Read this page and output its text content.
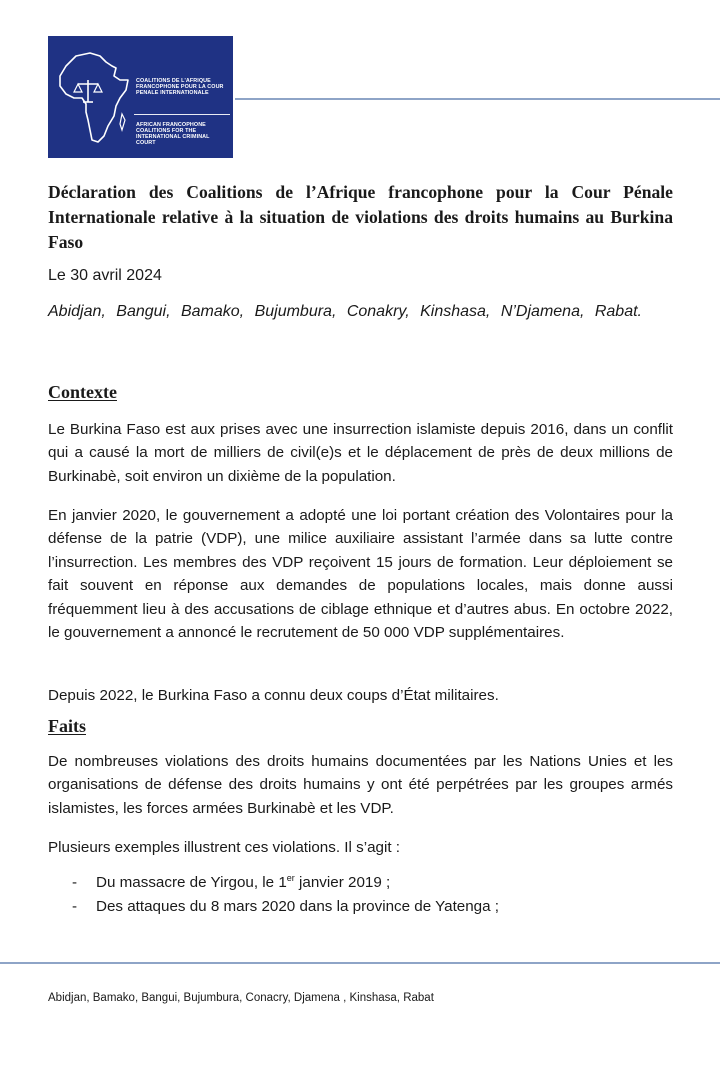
COALITIONS DE L'AFRIQUE FRANCOPHONE POUR LA COUR PENALE INTERNATIONALE
AFRICAN FRANCOPHONE COALITIONS FOR THE INTERNATIONAL CRIMINAL COURT
Déclaration des Coalitions de l’Afrique francophone pour la Cour Pénale Internationale relative à la situation de violations des droits humains au Burkina Faso

Le 30 avril 2024

Abidjan, Bangui, Bamako, Bujumbura, Conakry, Kinshasa, N’Djamena, Rabat.

Contexte

Le Burkina Faso est aux prises avec une insurrection islamiste depuis 2016, dans un conflit qui a causé la mort de milliers de civil(e)s et le déplacement de près de deux millions de Burkinabè, soit environ un dixième de la population.

En janvier 2020, le gouvernement a adopté une loi portant création des Volontaires pour la défense de la patrie (VDP), une milice auxiliaire assistant l’armée dans sa lutte contre l’insurrection. Les membres des VDP reçoivent 15 jours de formation. Leur déploiement se fait souvent en réponse aux demandes de populations locales, mais donne aussi fréquemment lieu à des accusations de ciblage ethnique et d’autres abus. En octobre 2022, le gouvernement a annoncé le recrutement de 50 000 VDP supplémentaires.

Depuis 2022, le Burkina Faso a connu deux coups d’État militaires.

Faits

De nombreuses violations des droits humains documentées par les Nations Unies et les organisations de défense des droits humains y ont été perpétrées par les groupes armés islamistes, les forces armées Burkinabè et les VDP.

Plusieurs exemples illustrent ces violations. Il s’agit :

- Du massacre de Yirgou, le 1er janvier 2019 ;
- Des attaques du 8 mars 2020 dans la province de Yatenga ;

Abidjan, Bamako, Bangui, Bujumbura, Conacry, Djamena , Kinshasa, Rabat
